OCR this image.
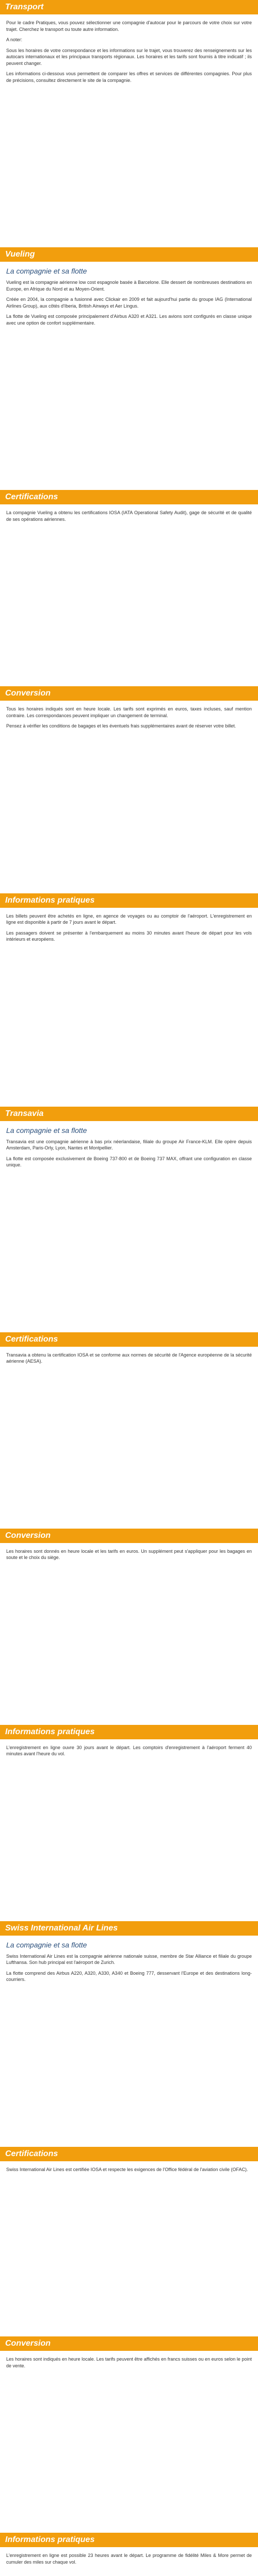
Transport

Pour le cadre Pratiques, vous pouvez sélectionner une compagnie d'autocar pour le parcours de votre choix sur votre trajet. Cherchez le transport ou toute autre information.

A noter:

Sous les horaires de votre correspondance et les informations sur le trajet, vous trouverez des renseignements sur les autocars internationaux et les principaux transports régionaux. Les horaires et les tarifs sont fournis à titre indicatif ; ils peuvent changer.

Les informations ci-dessous vous permettent de comparer les offres et services de différentes compagnies. Pour plus de précisions, consultez directement le site de la compagnie.

Vueling
La compagnie et sa flotte

Vueling est la compagnie aérienne low cost espagnole basée à Barcelone. Elle dessert de nombreuses destinations en Europe, en Afrique du Nord et au Moyen-Orient.

Créée en 2004, la compagnie a fusionné avec Clickair en 2009 et fait aujourd'hui partie du groupe IAG (International Airlines Group), aux côtés d'Iberia, British Airways et Aer Lingus.

La flotte de Vueling est composée principalement d'Airbus A320 et A321. Les avions sont configurés en classe unique avec une option de confort supplémentaire.

Certifications

La compagnie Vueling a obtenu les certifications IOSA (IATA Operational Safety Audit), gage de sécurité et de qualité de ses opérations aériennes.

Conversion

Tous les horaires indiqués sont en heure locale. Les tarifs sont exprimés en euros, taxes incluses, sauf mention contraire. Les correspondances peuvent impliquer un changement de terminal.

Pensez à vérifier les conditions de bagages et les éventuels frais supplémentaires avant de réserver votre billet.

Informations pratiques

Les billets peuvent être achetés en ligne, en agence de voyages ou au comptoir de l'aéroport. L'enregistrement en ligne est disponible à partir de 7 jours avant le départ.

Les passagers doivent se présenter à l'embarquement au moins 30 minutes avant l'heure de départ pour les vols intérieurs et européens.

Transavia
La compagnie et sa flotte

Transavia est une compagnie aérienne à bas prix néerlandaise, filiale du groupe Air France-KLM. Elle opère depuis Amsterdam, Paris-Orly, Lyon, Nantes et Montpellier.

La flotte est composée exclusivement de Boeing 737-800 et de Boeing 737 MAX, offrant une configuration en classe unique.

Certifications

Transavia a obtenu la certification IOSA et se conforme aux normes de sécurité de l'Agence européenne de la sécurité aérienne (AESA).

Conversion

Les horaires sont donnés en heure locale et les tarifs en euros. Un supplément peut s'appliquer pour les bagages en soute et le choix du siège.

Informations pratiques

L'enregistrement en ligne ouvre 30 jours avant le départ. Les comptoirs d'enregistrement à l'aéroport ferment 40 minutes avant l'heure du vol.

Swiss International Air Lines
La compagnie et sa flotte

Swiss International Air Lines est la compagnie aérienne nationale suisse, membre de Star Alliance et filiale du groupe Lufthansa. Son hub principal est l'aéroport de Zurich.

La flotte comprend des Airbus A220, A320, A330, A340 et Boeing 777, desservant l'Europe et des destinations long-courriers.

Certifications

Swiss International Air Lines est certifiée IOSA et respecte les exigences de l'Office fédéral de l'aviation civile (OFAC).

Conversion

Les horaires sont indiqués en heure locale. Les tarifs peuvent être affichés en francs suisses ou en euros selon le point de vente.

Informations pratiques

L'enregistrement en ligne est possible 23 heures avant le départ. Le programme de fidélité Miles & More permet de cumuler des miles sur chaque vol.
